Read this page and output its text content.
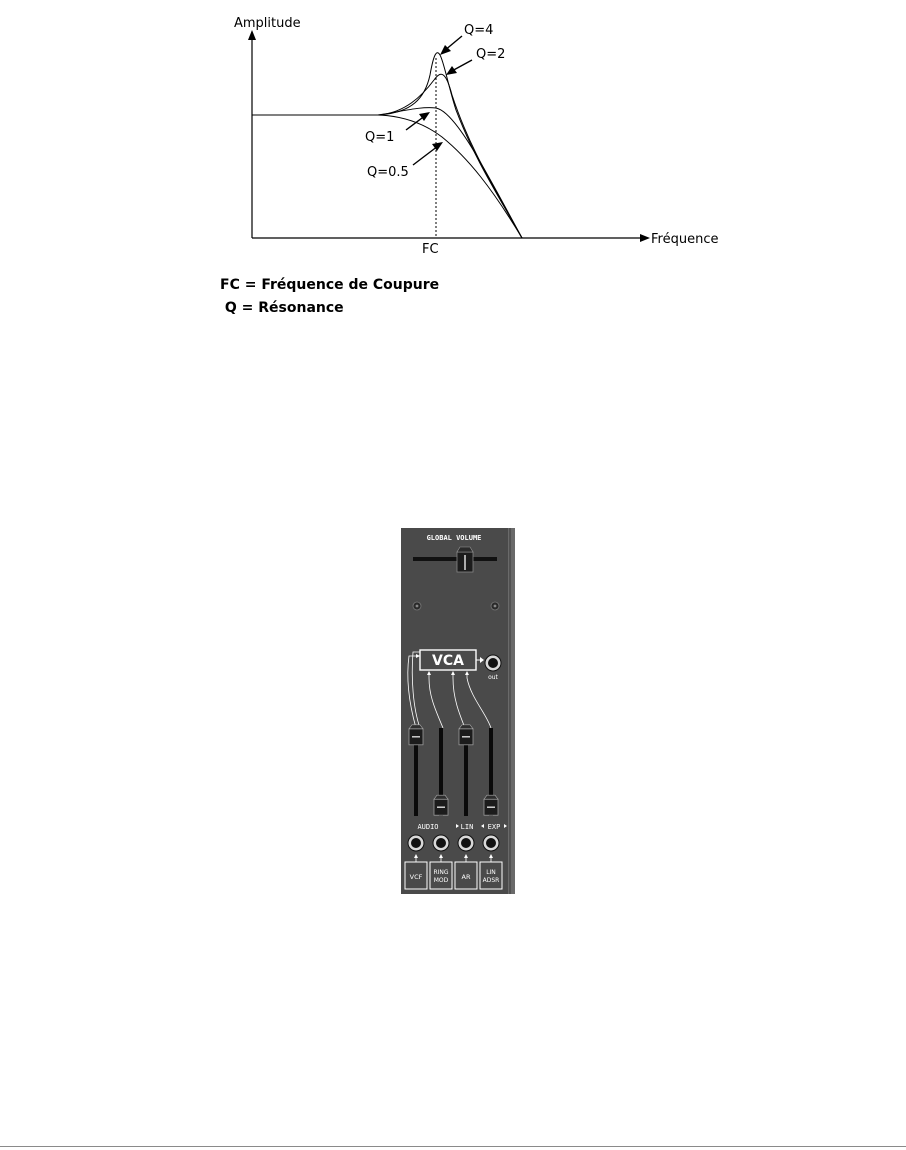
Amplitude
Fréquence
FC
Q=4
Q=2
Q=1
Q=0.5
FC = Fréquence de Coupure
Q = Résonance
GLOBAL VOLUME
VCA
out
AUDIO	LIN EXP
VCF
RING MOD AR
LIN ADSR
